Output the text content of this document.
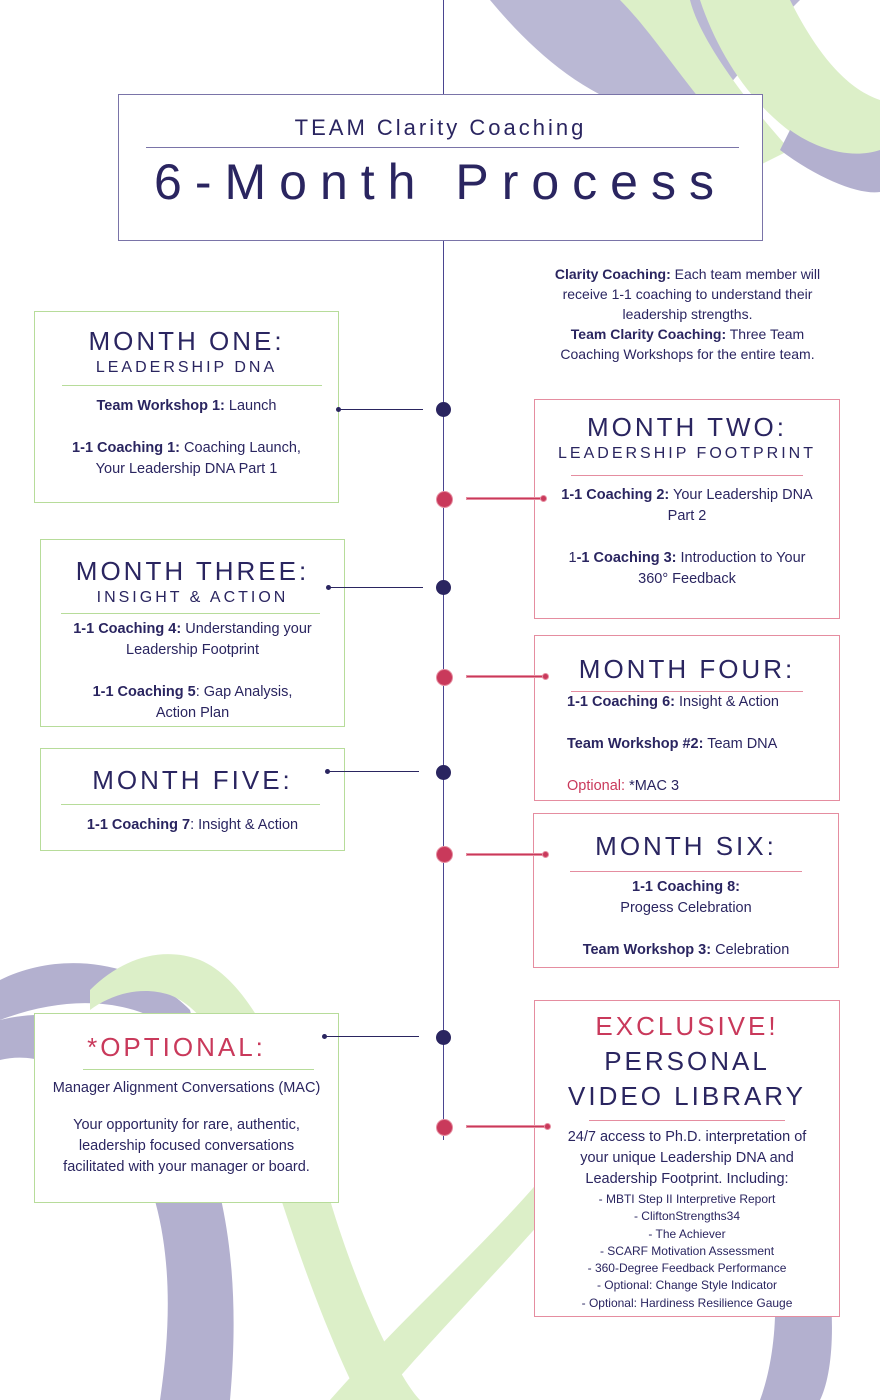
TEAM Clarity Coaching
6-Month Process
Clarity Coaching: Each team member will receive 1-1 coaching to understand their leadership strengths.
Team Clarity Coaching: Three Team Coaching Workshops for the entire team.
MONTH ONE:
LEADERSHIP DNA
Team Workshop 1: Launch
1-1 Coaching 1: Coaching Launch, Your Leadership DNA Part 1
MONTH TWO:
LEADERSHIP FOOTPRINT
1-1 Coaching 2: Your Leadership DNA Part 2
1-1 Coaching 3: Introduction to Your 360° Feedback
MONTH THREE:
INSIGHT & ACTION
1-1 Coaching 4: Understanding your Leadership Footprint
1-1 Coaching 5: Gap Analysis, Action Plan
MONTH FOUR:
1-1 Coaching 6: Insight & Action
Team Workshop #2: Team DNA
Optional: *MAC 3
MONTH FIVE:
1-1 Coaching 7: Insight & Action
MONTH SIX:
1-1 Coaching 8:
Progess Celebration
Team Workshop 3: Celebration
*OPTIONAL:
Manager Alignment Conversations (MAC)
Your opportunity for rare, authentic, leadership focused conversations facilitated with your manager or board.
EXCLUSIVE!
PERSONAL
VIDEO LIBRARY
24/7 access to Ph.D. interpretation of your unique Leadership DNA and Leadership Footprint. Including:
- MBTI Step II Interpretive Report
- CliftonStrengths34
- The Achiever
- SCARF Motivation Assessment
- 360-Degree Feedback Performance
- Optional: Change Style Indicator
- Optional: Hardiness Resilience Gauge
